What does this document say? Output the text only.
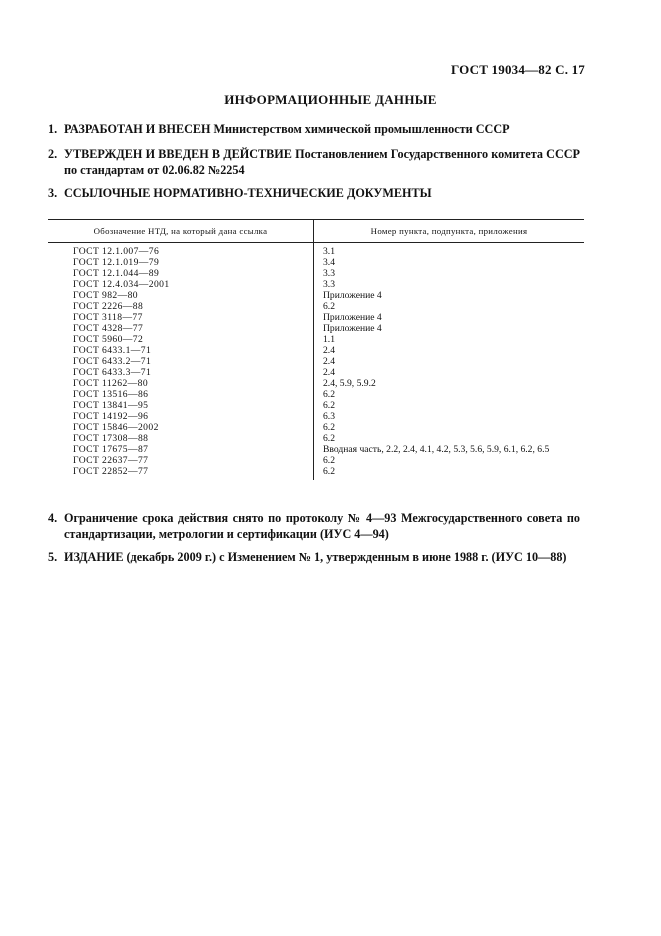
ГОСТ 19034—82 С. 17
ИНФОРМАЦИОННЫЕ ДАННЫЕ
1. РАЗРАБОТАН И ВНЕСЕН Министерством химической промышленности СССР
2. УТВЕРЖДЕН И ВВЕДЕН В ДЕЙСТВИЕ Постановлением Государственного комитета СССР по стандартам от 02.06.82 №2254
3. ССЫЛОЧНЫЕ НОРМАТИВНО-ТЕХНИЧЕСКИЕ ДОКУМЕНТЫ
Обозначение НТД, на который дана ссылка	Номер пункта, подпункта, приложения
ГОСТ 12.1.007—76	3.1
ГОСТ 12.1.019—79	3.4
ГОСТ 12.1.044—89	3.3
ГОСТ 12.4.034—2001	3.3
ГОСТ 982—80	Приложение 4
ГОСТ 2226—88	6.2
ГОСТ 3118—77	Приложение 4
ГОСТ 4328—77	Приложение 4
ГОСТ 5960—72	1.1
ГОСТ 6433.1—71	2.4
ГОСТ 6433.2—71	2.4
ГОСТ 6433.3—71	2.4
ГОСТ 11262—80	2.4, 5.9, 5.9.2
ГОСТ 13516—86	6.2
ГОСТ 13841—95	6.2
ГОСТ 14192—96	6.3
ГОСТ 15846—2002	6.2
ГОСТ 17308—88	6.2
ГОСТ 17675—87	Вводная часть, 2.2, 2.4, 4.1, 4.2, 5.3, 5.6, 5.9, 6.1, 6.2, 6.5
ГОСТ 22637—77	6.2
ГОСТ 22852—77	6.2
4. Ограничение срока действия снято по протоколу № 4—93 Межгосударственного совета по стандартизации, метрологии и сертификации (ИУС 4—94)
5. ИЗДАНИЕ (декабрь 2009 г.) с Изменением № 1, утвержденным в июне 1988 г. (ИУС 10—88)
